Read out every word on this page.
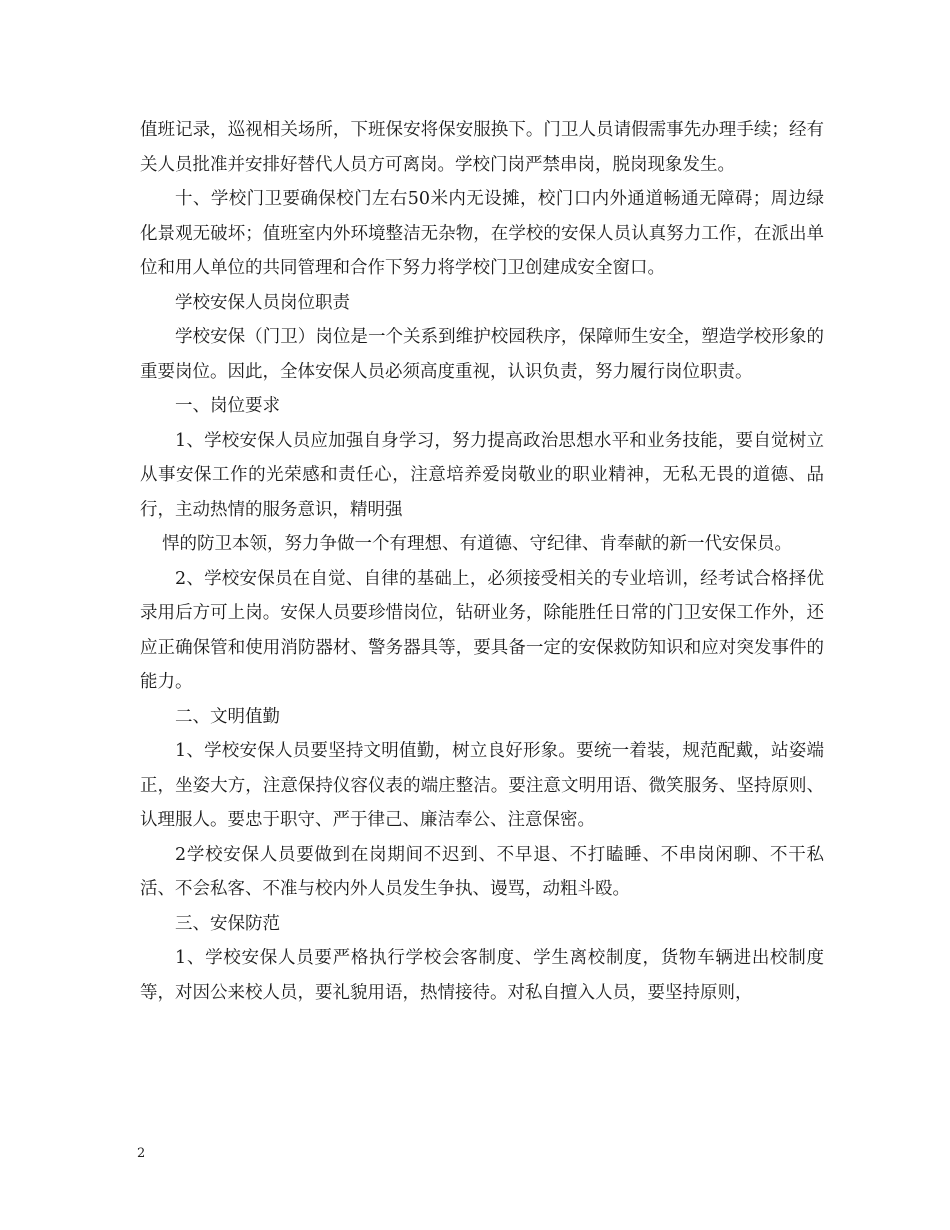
值班记录，巡视相关场所，下班保安将保安服换下。门卫人员请假需事先办理手续；经有关人员批准并安排好替代人员方可离岗。学校门岗严禁串岗，脱岗现象发生。

十、学校门卫要确保校门左右50米内无设摊，校门口内外通道畅通无障碍；周边绿化景观无破坏；值班室内外环境整洁无杂物，在学校的安保人员认真努力工作，在派出单位和用人单位的共同管理和合作下努力将学校门卫创建成安全窗口。

学校安保人员岗位职责

学校安保（门卫）岗位是一个关系到维护校园秩序，保障师生安全，塑造学校形象的重要岗位。因此，全体安保人员必须高度重视，认识负责，努力履行岗位职责。

一、岗位要求

1、学校安保人员应加强自身学习，努力提高政治思想水平和业务技能，要自觉树立从事安保工作的光荣感和责任心，注意培养爱岗敬业的职业精神，无私无畏的道德、品行，主动热情的服务意识，精明强

悍的防卫本领，努力争做一个有理想、有道德、守纪律、肯奉献的新一代安保员。

2、学校安保员在自觉、自律的基础上，必须接受相关的专业培训，经考试合格择优录用后方可上岗。安保人员要珍惜岗位，钻研业务，除能胜任日常的门卫安保工作外，还应正确保管和使用消防器材、警务器具等，要具备一定的安保救防知识和应对突发事件的能力。

二、文明值勤

1、学校安保人员要坚持文明值勤，树立良好形象。要统一着装，规范配戴，站姿端正，坐姿大方，注意保持仪容仪表的端庄整洁。要注意文明用语、微笑服务、坚持原则、认理服人。要忠于职守、严于律己、廉洁奉公、注意保密。

2学校安保人员要做到在岗期间不迟到、不早退、不打瞌睡、不串岗闲聊、不干私活、不会私客、不准与校内外人员发生争执、谩骂，动粗斗殴。

三、安保防范

1、学校安保人员要严格执行学校会客制度、学生离校制度，货物车辆进出校制度等，对因公来校人员，要礼貌用语，热情接待。对私自擅入人员，要坚持原则，

2
